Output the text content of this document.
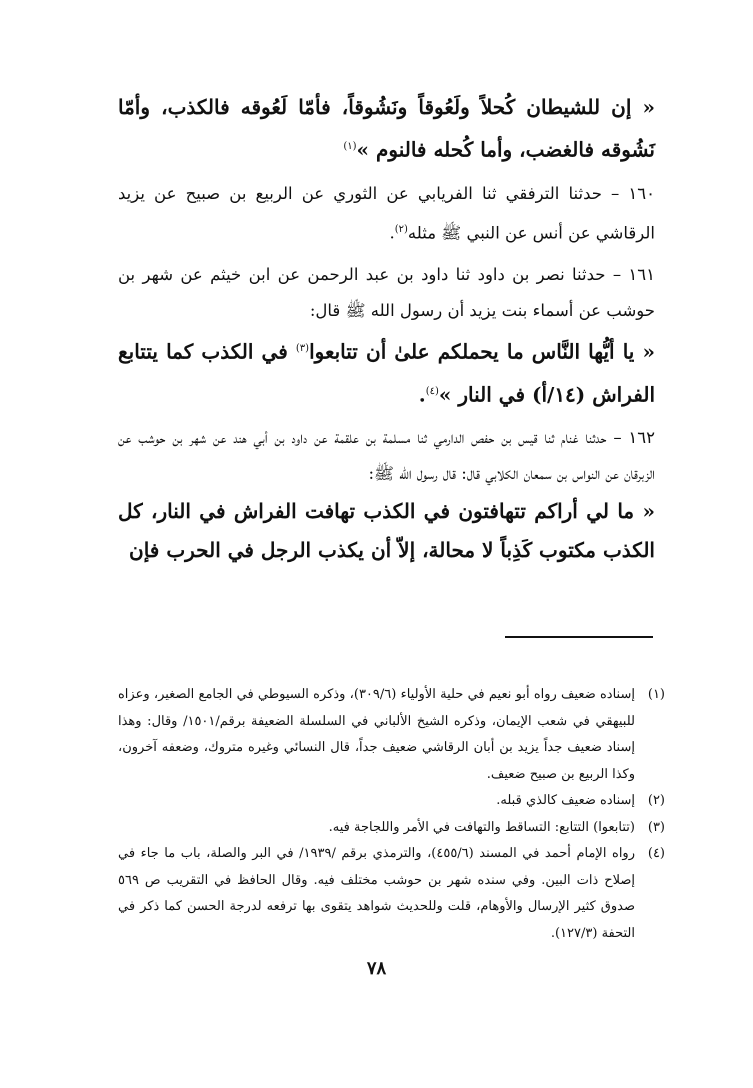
« إن للشيطان كُحلاً ولَعُوقاً ونَشُوقاً، فأمّا لَعُوقه فالكذب، وأمّا نَشُوقه فالغضب، وأما كُحله فالنوم »$^{(١)}$

١٦٠ – حدثنا الترفقي ثنا الفريابي عن الثوري عن الربيع بن صبيح عن يزيد الرقاشي عن أنس عن النبي ﷺ مثله$^{(٢)}$.

١٦١ – حدثنا نصر بن داود ثنا داود بن عبد الرحمن عن ابن خيثم عن شهر بن حوشب عن أسماء بنت يزيد أن رسول الله ﷺ قال:

« يا أيُّها النَّاس ما يحملكم علىٰ أن تتابعوا$^{(٣)}$ في الكذب كما يتتابع الفراش (١٤/أ) في النار »$^{(٤)}$.

١٦٢ – حدثنا غنام ثنا قيس بن حفص الدارمي ثنا مسلمة بن علقمة عن داود بن أبي هند عن شهر بن حوشب عن الزبرقان عن النواس بن سمعان الكلابي قال: قال رسول الله ﷺ:

« ما لي أراكم تتهافتون في الكذب تهافت الفراش في النار، كل الكذب مكتوب كَذِباً لا محالة، إلاّ أن يكذب الرجل في الحرب فإن

(١)
إسناده ضعيف رواه أبو نعيم في حلية الأولياء (٣٠٩/٦)، وذكره السيوطي في الجامع الصغير، وعزاه للبيهقي في شعب الإيمان، وذكره الشيخ الألباني في السلسلة الضعيفة برقم/١٥٠١/ وقال: وهذا إسناد ضعيف جداً يزيد بن أبان الرقاشي ضعيف جداً، قال النسائي وغيره متروك، وضعفه آخرون، وكذا الربيع بن صبيح ضعيف.
(٢)
إسناده ضعيف كالذي قبله.
(٣)
(تتابعوا) التتابع: التساقط والتهافت في الأمر واللجاجة فيه.
(٤)
رواه الإمام أحمد في المسند (٤٥٥/٦)، والترمذي برقم /١٩٣٩/ في البر والصلة، باب ما جاء في إصلاح ذات البين. وفي سنده شهر بن حوشب مختلف فيه. وقال الحافظ في التقريب ص ٥٦٩ صدوق كثير الإرسال والأوهام، قلت وللحديث شواهد يتقوى بها ترفعه لدرجة الحسن كما ذكر في التحفة (١٢٧/٣).
٧٨
